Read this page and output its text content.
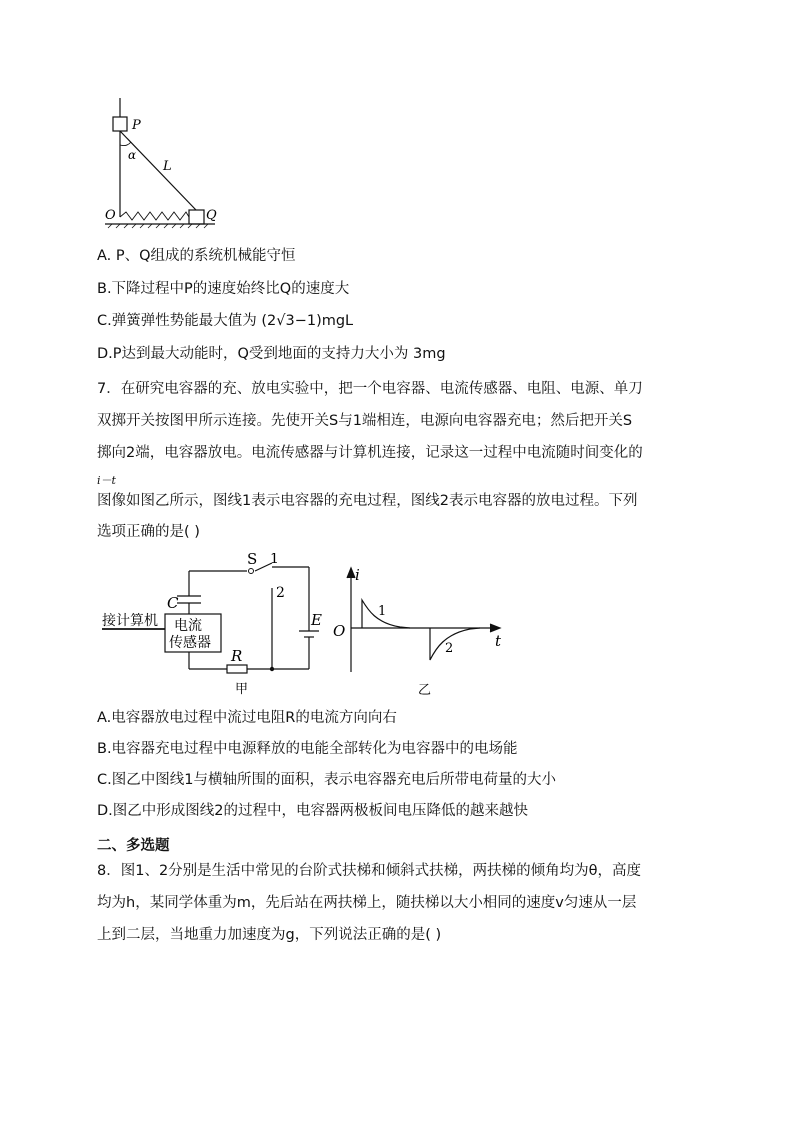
P
α
L
O	Q
A. P、Q组成的系统机械能守恒
B.下降过程中P的速度始终比Q的速度大
C.弹簧弹性势能最大值为 (2√3−1)mgL
D.P达到最大动能时，Q受到地面的支持力大小为 3mg
7．在研究电容器的充、放电实验中，把一个电容器、电流传感器、电阻、电源、单刀
双掷开关按图甲所示连接。先使开关S与1端相连，电源向电容器充电；然后把开关S
掷向2端，电容器放电。电流传感器与计算机连接，记录这一过程中电流随时间变化的
i－t
图像如图乙所示，图线1表示电容器的充电过程，图线2表示电容器的放电过程。下列
选项正确的是( )
S 1
2
C
E
R
接计算机 电流
传感器
甲
i
t
O
1
2
乙
A.电容器放电过程中流过电阻R的电流方向向右
B.电容器充电过程中电源释放的电能全部转化为电容器中的电场能
C.图乙中图线1与横轴所围的面积，表示电容器充电后所带电荷量的大小
D.图乙中形成图线2的过程中，电容器两极板间电压降低的越来越快
二、多选题
8．图1、2分别是生活中常见的台阶式扶梯和倾斜式扶梯，两扶梯的倾角均为θ，高度
均为h，某同学体重为m，先后站在两扶梯上，随扶梯以大小相同的速度v匀速从一层
上到二层，当地重力加速度为g，下列说法正确的是( )
